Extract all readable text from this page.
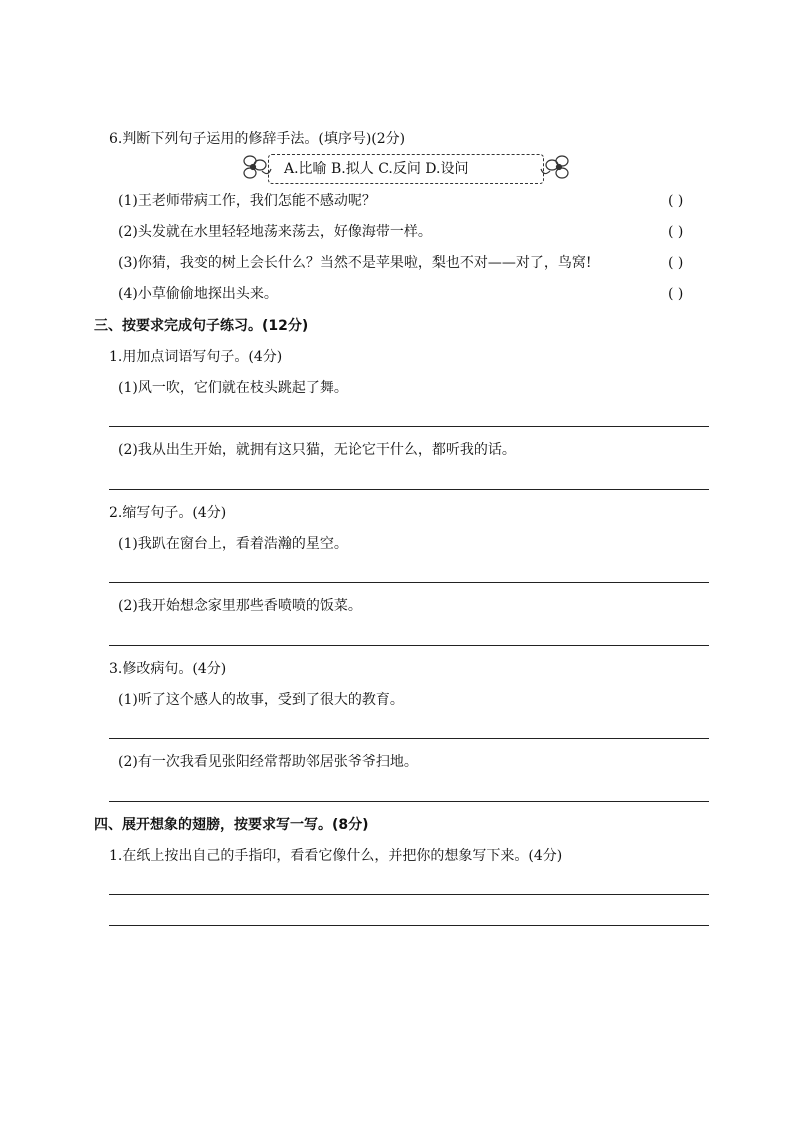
6.判断下列句子运用的修辞手法。(填序号)(2分)
A.比喻 B.拟人 C.反问 D.设问
(1)王老师带病工作，我们怎能不感动呢？	( )
(2)头发就在水里轻轻地荡来荡去，好像海带一样。	( )
(3)你猜，我变的树上会长什么？当然不是苹果啦，梨也不对——对了，鸟窝!	( )
(4)小草偷偷地探出头来。	( )
三、按要求完成句子练习。(12分)
1.用加点词语写句子。(4分)
(1)风一吹，它们就在枝头跳起了舞。
(2)我从出生开始，就拥有这只猫，无论它干什么，都听我的话。
2.缩写句子。(4分)
(1)我趴在窗台上，看着浩瀚的星空。
(2)我开始想念家里那些香喷喷的饭菜。
3.修改病句。(4分)
(1)听了这个感人的故事，受到了很大的教育。
(2)有一次我看见张阳经常帮助邻居张爷爷扫地。
四、展开想象的翅膀，按要求写一写。(8分)
1.在纸上按出自己的手指印，看看它像什么，并把你的想象写下来。(4分)
